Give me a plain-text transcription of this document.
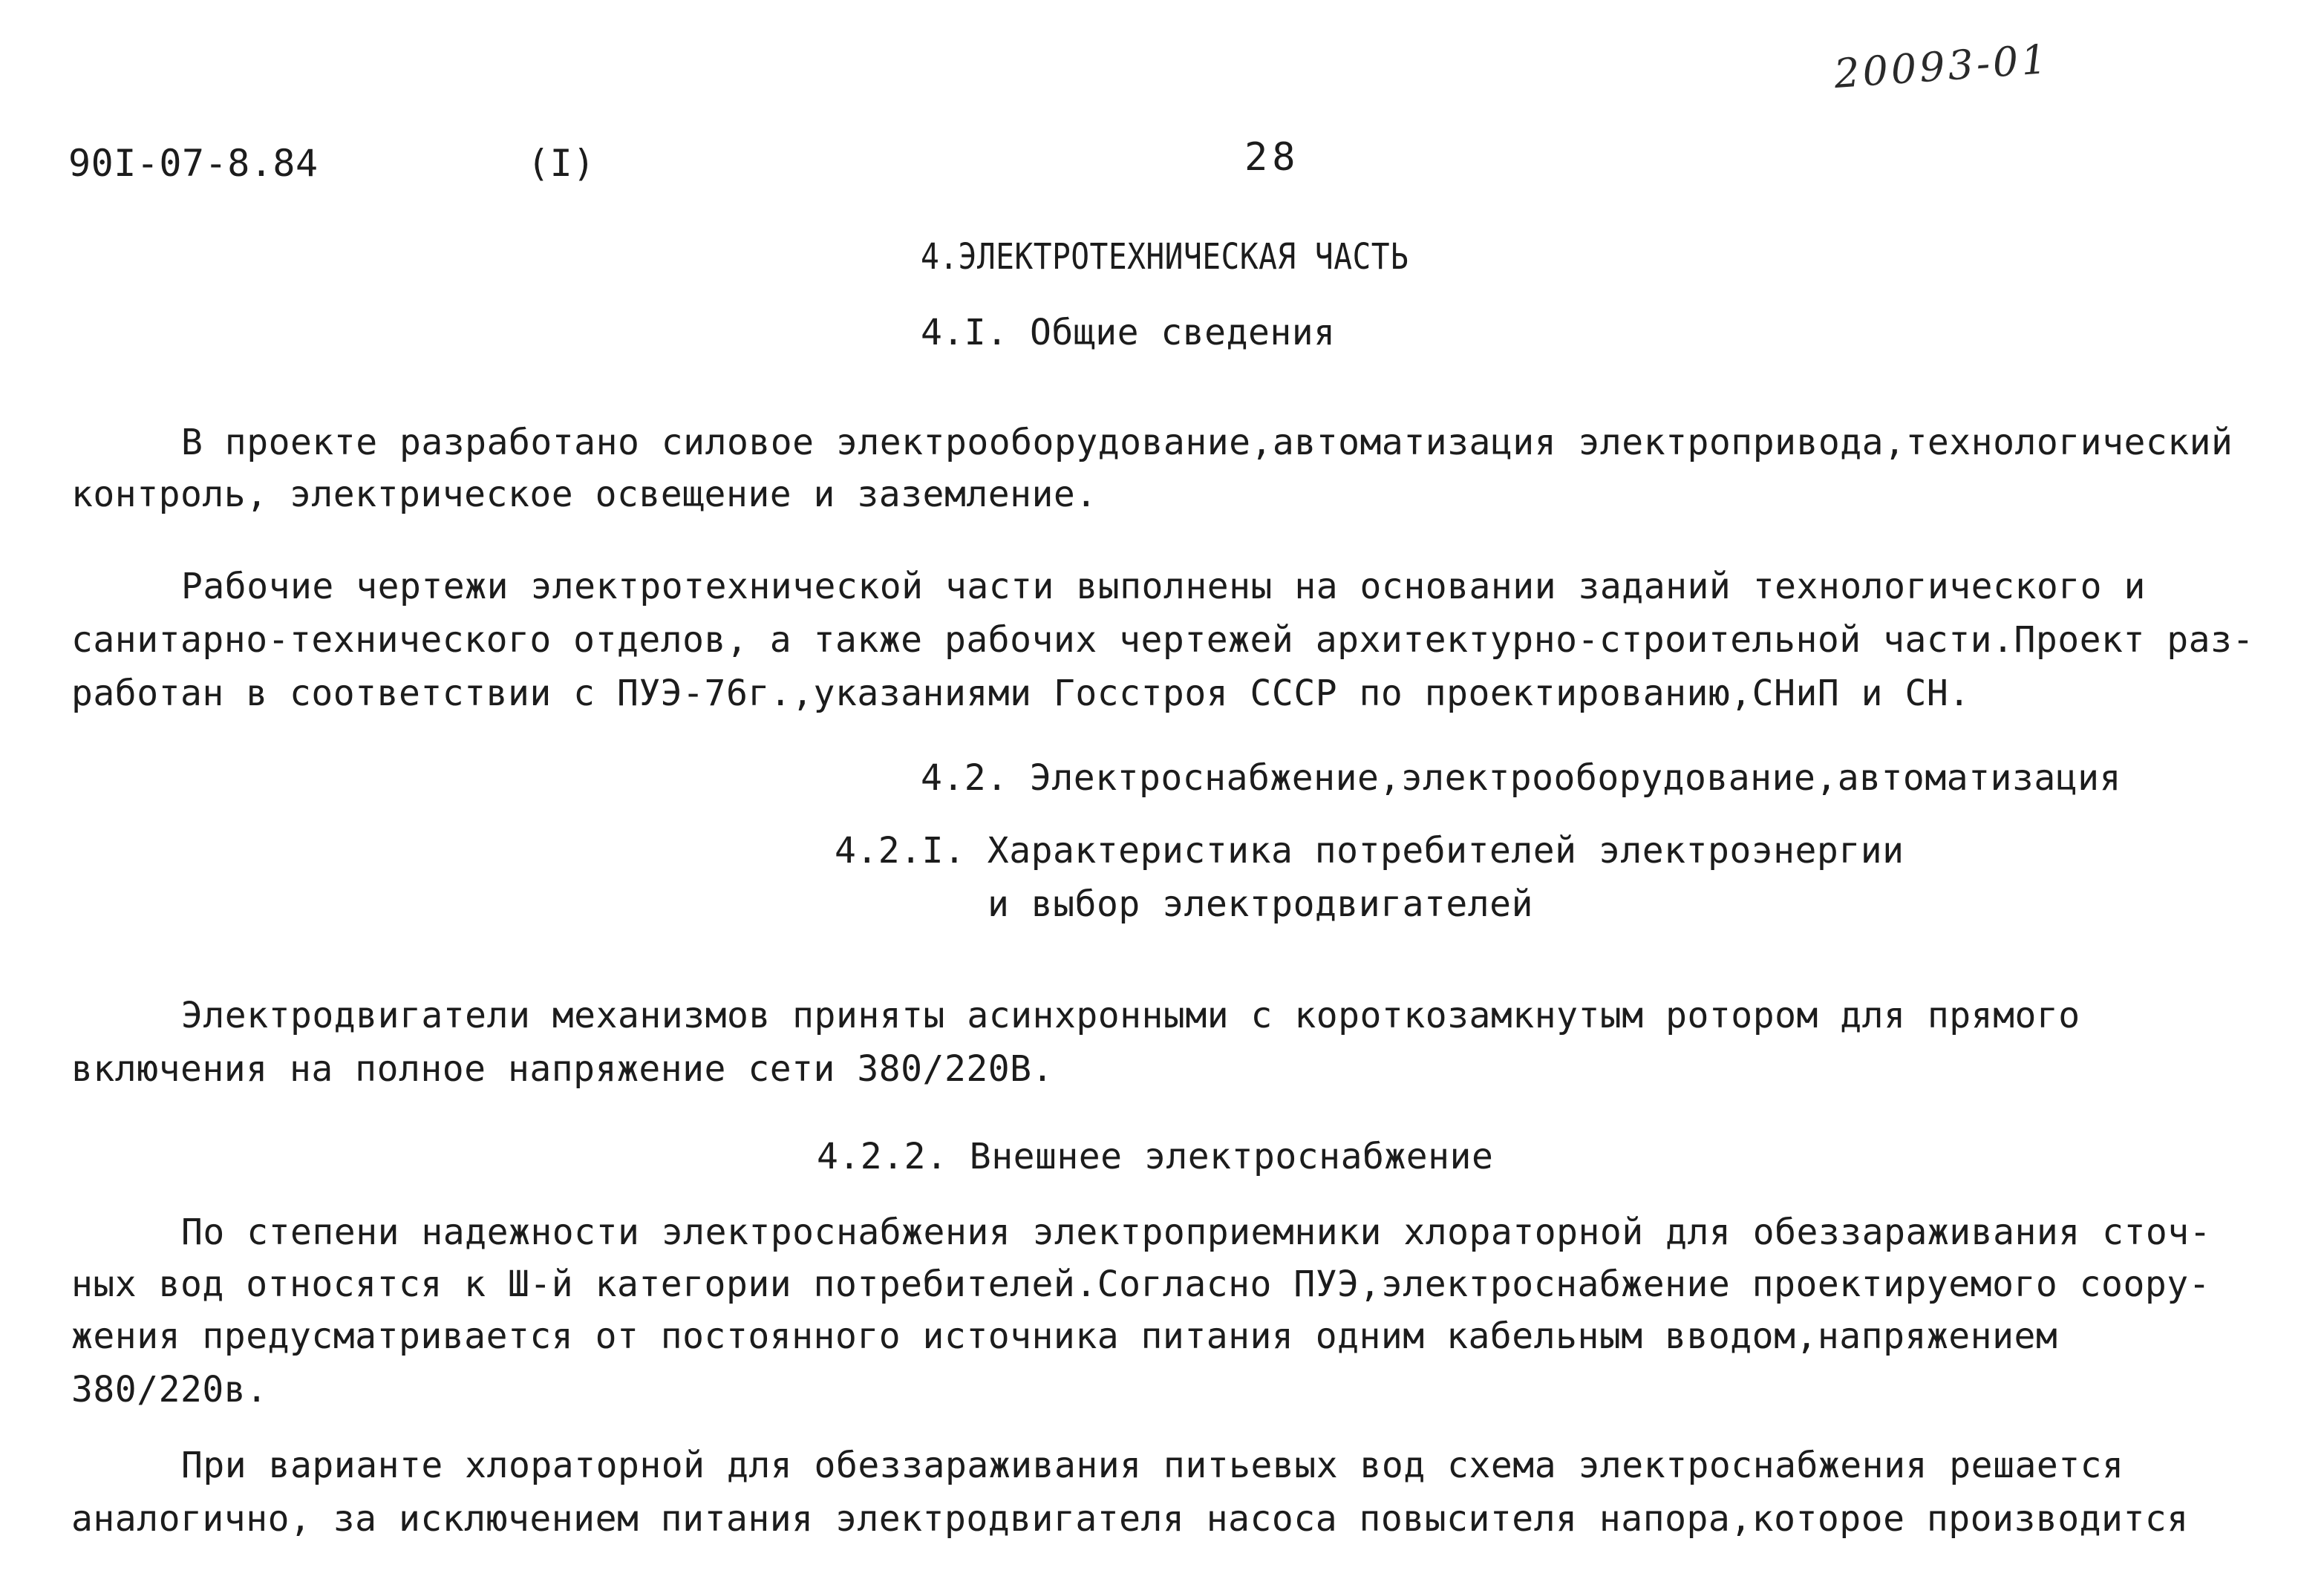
20093-01
90I-07-8.84	(I)	28
4.ЭЛЕКТРОТЕХНИЧЕСКАЯ ЧАСТЬ
4.I. Общие сведения
В проекте разработано силовое электрооборудование,автоматизация электропривода,технологический
контроль, электрическое освещение и заземление.
Рабочие чертежи электротехнической части выполнены на основании заданий технологического и
санитарно-технического отделов, а также рабочих чертежей архитектурно-строительной части.Проект раз-
работан в соответствии с ПУЭ-76г.,указаниями Госстроя СССР по проектированию,СНиП и СН.
4.2. Электроснабжение,электрооборудование,автоматизация
4.2.I. Характеристика потребителей электроэнергии
и выбор электродвигателей
Электродвигатели механизмов приняты асинхронными с короткозамкнутым ротором для прямого
включения на полное напряжение сети 380/220В.
4.2.2. Внешнее электроснабжение
По степени надежности электроснабжения электроприемники хлораторной для обеззараживания сточ-
ных вод относятся к Ш-й категории потребителей.Согласно ПУЭ,электроснабжение проектируемого соору-
жения предусматривается от постоянного источника питания одним кабельным вводом,напряжением
380/220в.
При варианте хлораторной для обеззараживания питьевых вод схема электроснабжения решается
аналогично, за исключением питания электродвигателя насоса повысителя напора,которое производится
